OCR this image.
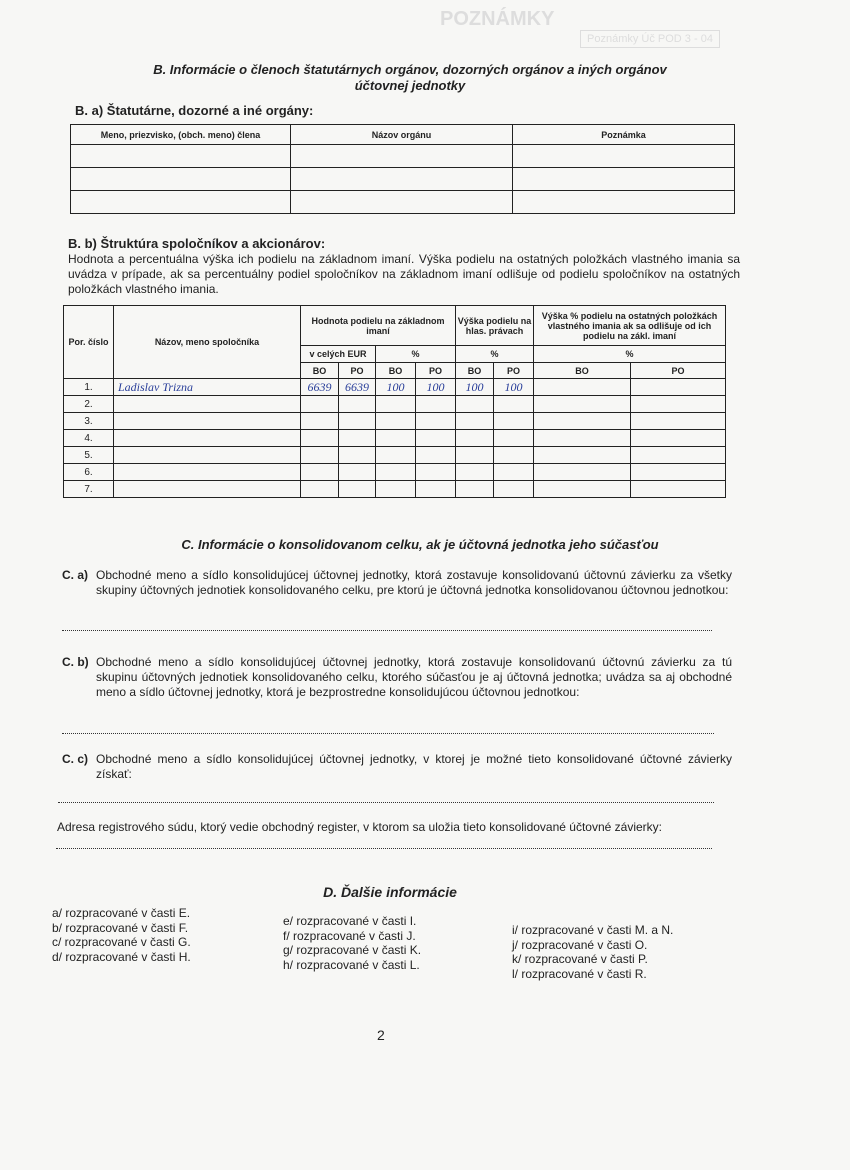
POZNÁMKY
Poznámky Úč POD 3 - 04
B. Informácie o členoch štatutárnych orgánov, dozorných orgánov a iných orgánov
účtovnej jednotky
B. a) Štatutárne, dozorné a iné orgány:
Meno, priezvisko, (obch. meno) člena	Názov orgánu	Poznámka

B. b) Štruktúra spoločníkov a akcionárov:
Hodnota a percentuálna výška ich podielu na základnom imaní. Výška podielu na ostatných položkách vlastného imania sa uvádza v prípade, ak sa percentuálny podiel spoločníkov na základnom imaní odlišuje od podielu spoločníkov na ostatných položkách vlastného imania.
Por. číslo	Názov, meno spoločníka	Hodnota podielu na základnom imaní				Výška podielu na hlas. právach		Výška % podielu na ostatných položkách vlastného imania ak sa odlišuje od ich podielu na zákl. imaní	
		v celých EUR		%		%		%	
		BO	PO	BO	PO	BO	PO	BO	PO
1.	Ladislav Trizna	6639	6639	100	100	100	100		
2.									
3.									
4.									
5.									
6.									
7.									
C. Informácie o konsolidovanom celku, ak je účtovná jednotka jeho súčasťou
C. a) Obchodné meno a sídlo konsolidujúcej účtovnej jednotky, ktorá zostavuje konsolidovanú účtovnú závierku za všetky skupiny účtovných jednotiek konsolidovaného celku, pre ktorú je účtovná jednotka konsolidovanou účtovnou jednotkou:
C. b) Obchodné meno a sídlo konsolidujúcej účtovnej jednotky, ktorá zostavuje konsolidovanú účtovnú závierku za tú skupinu účtovných jednotiek konsolidovaného celku, ktorého súčasťou je aj účtovná jednotka; uvádza sa aj obchodné meno a sídlo účtovnej jednotky, ktorá je bezprostredne konsolidujúcou účtovnou jednotkou:
C. c) Obchodné meno a sídlo konsolidujúcej účtovnej jednotky, v ktorej je možné tieto konsolidované účtovné závierky získať:
Adresa registrového súdu, ktorý vedie obchodný register, v ktorom sa uložia tieto konsolidované účtovné závierky:
D. Ďalšie informácie
a/ rozpracované v časti E.
b/ rozpracované v časti F.
c/ rozpracované v časti G.
d/ rozpracované v časti H.
e/ rozpracované v časti I.
f/ rozpracované v časti J.
g/ rozpracované v časti K.
h/ rozpracované v časti L.
i/ rozpracované v časti M. a N.
j/ rozpracované v časti O.
k/ rozpracované v časti P.
l/ rozpracované v časti R.
2
